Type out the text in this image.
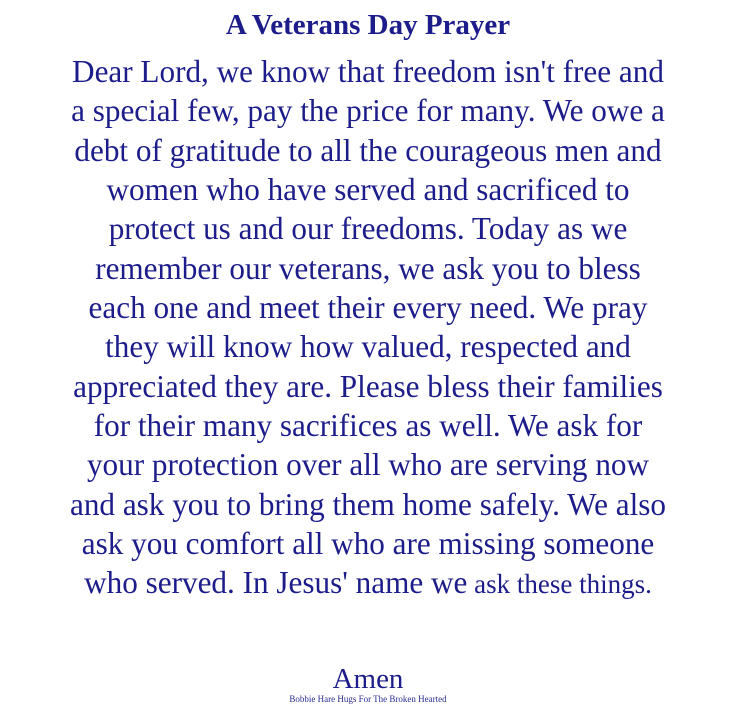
A Veterans Day Prayer
Dear Lord, we know that freedom isn't free and
a special few, pay the price for many. We owe a
debt of gratitude to all the courageous men and
women who have served and sacrificed to
protect us and our freedoms. Today as we
remember our veterans, we ask you to bless
each one and meet their every need. We pray
they will know how valued, respected and
appreciated they are. Please bless their families
for their many sacrifices as well. We ask for
your protection over all who are serving now
and ask you to bring them home safely. We also
ask you comfort all who are missing someone
who served. In Jesus' name we ask these things.
Amen
Bobbie Hare Hugs For The Broken Hearted
